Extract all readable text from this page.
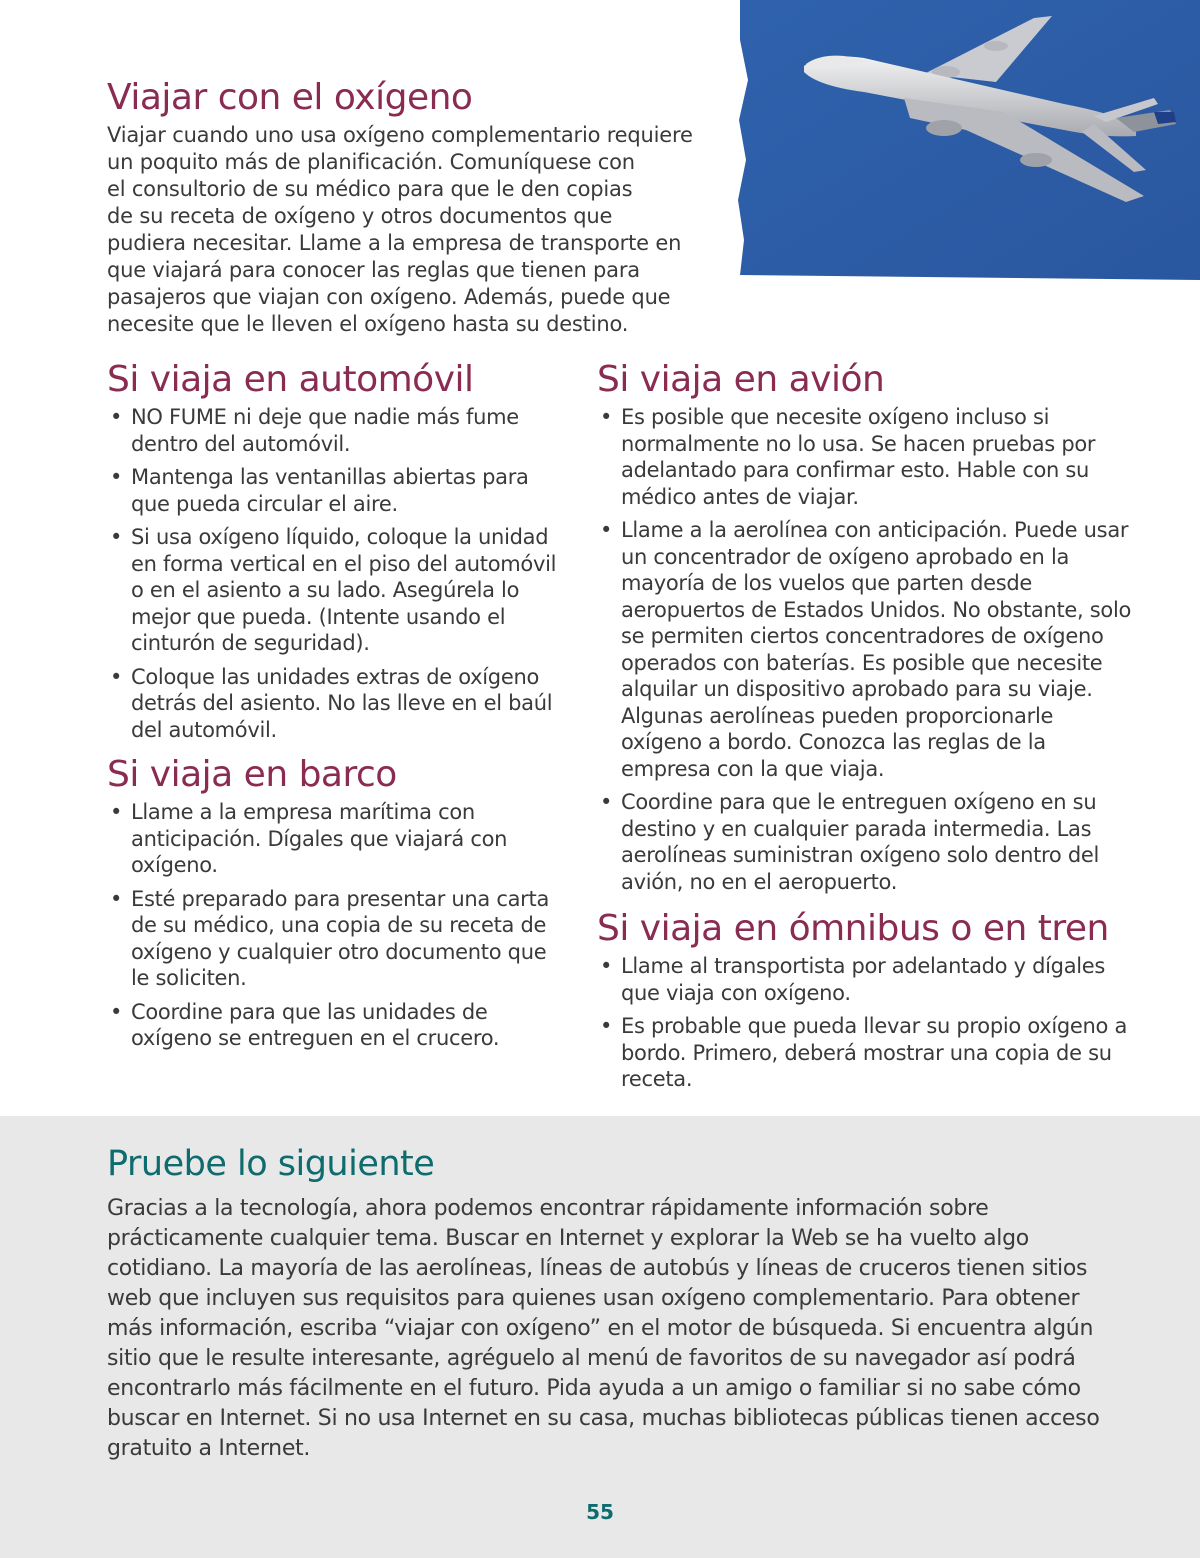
Viajar con el oxígeno

Viajar cuando uno usa oxígeno complementario requiere
un poquito más de planificación. Comuníquese con
el consultorio de su médico para que le den copias
de su receta de oxígeno y otros documentos que
pudiera necesitar. Llame a la empresa de transporte en
que viajará para conocer las reglas que tienen para
pasajeros que viajan con oxígeno. Además, puede que
necesite que le lleven el oxígeno hasta su destino.

Si viaja en automóvil
• NO FUME ni deje que nadie más fume dentro del automóvil.
• Mantenga las ventanillas abiertas para que pueda circular el aire.
• Si usa oxígeno líquido, coloque la unidad en forma vertical en el piso del automóvil o en el asiento a su lado. Asegúrela lo mejor que pueda. (Intente usando el cinturón de seguridad).
• Coloque las unidades extras de oxígeno detrás del asiento. No las lleve en el baúl del automóvil.
Si viaja en barco
• Llame a la empresa marítima con anticipación. Dígales que viajará con oxígeno.
• Esté preparado para presentar una carta de su médico, una copia de su receta de oxígeno y cualquier otro documento que le soliciten.
• Coordine para que las unidades de oxígeno se entreguen en el crucero.
Si viaja en avión
• Es posible que necesite oxígeno incluso si normalmente no lo usa. Se hacen pruebas por adelantado para confirmar esto. Hable con su médico antes de viajar.
• Llame a la aerolínea con anticipación. Puede usar un concentrador de oxígeno aprobado en la mayoría de los vuelos que parten desde aeropuertos de Estados Unidos. No obstante, solo se permiten ciertos concentradores de oxígeno operados con baterías. Es posible que necesite alquilar un dispositivo aprobado para su viaje. Algunas aerolíneas pueden proporcionarle oxígeno a bordo. Conozca las reglas de la empresa con la que viaja.
• Coordine para que le entreguen oxígeno en su destino y en cualquier parada intermedia. Las aerolíneas suministran oxígeno solo dentro del avión, no en el aeropuerto.
Si viaja en ómnibus o en tren
• Llame al transportista por adelantado y dígales que viaja con oxígeno.
• Es probable que pueda llevar su propio oxígeno a bordo. Primero, deberá mostrar una copia de su receta.
Pruebe lo siguiente

Gracias a la tecnología, ahora podemos encontrar rápidamente información sobre prácticamente cualquier tema. Buscar en Internet y explorar la Web se ha vuelto algo cotidiano. La mayoría de las aerolíneas, líneas de autobús y líneas de cruceros tienen sitios web que incluyen sus requisitos para quienes usan oxígeno complementario. Para obtener más información, escriba “viajar con oxígeno” en el motor de búsqueda. Si encuentra algún sitio que le resulte interesante, agréguelo al menú de favoritos de su navegador así podrá encontrarlo más fácilmente en el futuro. Pida ayuda a un amigo o familiar si no sabe cómo buscar en Internet. Si no usa Internet en su casa, muchas bibliotecas públicas tienen acceso gratuito a Internet.

55
